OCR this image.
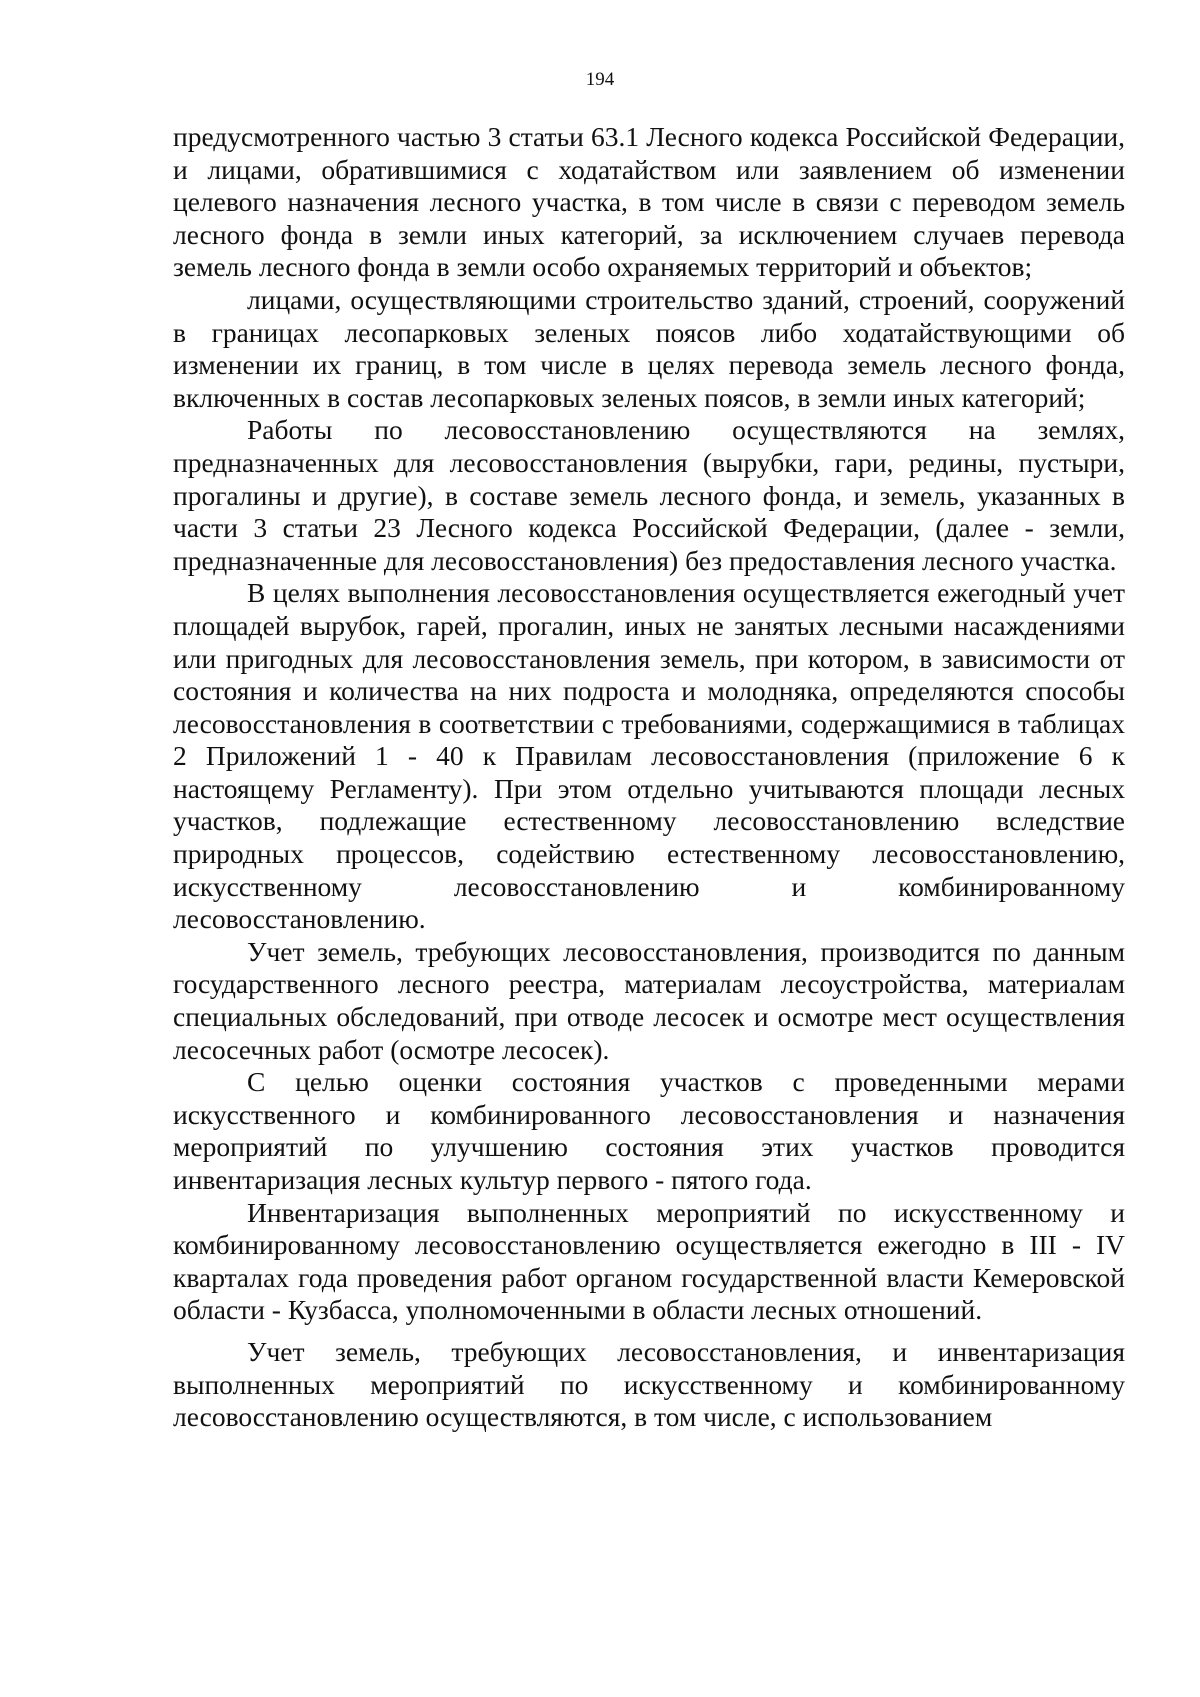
194

предусмотренного частью 3 статьи 63.1 Лесного кодекса Российской Федерации, и лицами, обратившимися с ходатайством или заявлением об изменении целевого назначения лесного участка, в том числе в связи с переводом земель лесного фонда в земли иных категорий, за исключением случаев перевода земель лесного фонда в земли особо охраняемых территорий и объектов;

лицами, осуществляющими строительство зданий, строений, сооружений в границах лесопарковых зеленых поясов либо ходатайствующими об изменении их границ, в том числе в целях перевода земель лесного фонда, включенных в состав лесопарковых зеленых поясов, в земли иных категорий;

Работы по лесовосстановлению осуществляются на землях, предназначенных для лесовосстановления (вырубки, гари, редины, пустыри, прогалины и другие), в составе земель лесного фонда, и земель, указанных в части 3 статьи 23 Лесного кодекса Российской Федерации, (далее - земли, предназначенные для лесовосстановления) без предоставления лесного участка.

В целях выполнения лесовосстановления осуществляется ежегодный учет площадей вырубок, гарей, прогалин, иных не занятых лесными насаждениями или пригодных для лесовосстановления земель, при котором, в зависимости от состояния и количества на них подроста и молодняка, определяются способы лесовосстановления в соответствии с требованиями, содержащимися в таблицах 2 Приложений 1 - 40 к Правилам лесовосстановления (приложение 6 к настоящему Регламенту). При этом отдельно учитываются площади лесных участков, подлежащие естественному лесовосстановлению вследствие природных процессов, содействию естественному лесовосстановлению, искусственному лесовосстановлению и комбинированному лесовосстановлению.

Учет земель, требующих лесовосстановления, производится по данным государственного лесного реестра, материалам лесоустройства, материалам специальных обследований, при отводе лесосек и осмотре мест осуществления лесосечных работ (осмотре лесосек).

С целью оценки состояния участков с проведенными мерами искусственного и комбинированного лесовосстановления и назначения мероприятий по улучшению состояния этих участков проводится инвентаризация лесных культур первого - пятого года.

Инвентаризация выполненных мероприятий по искусственному и комбинированному лесовосстановлению осуществляется ежегодно в III - IV кварталах года проведения работ органом государственной власти Кемеровской области - Кузбасса, уполномоченными в области лесных отношений.

Учет земель, требующих лесовосстановления, и инвентаризация выполненных мероприятий по искусственному и комбинированному лесовосстановлению осуществляются, в том числе, с использованием
